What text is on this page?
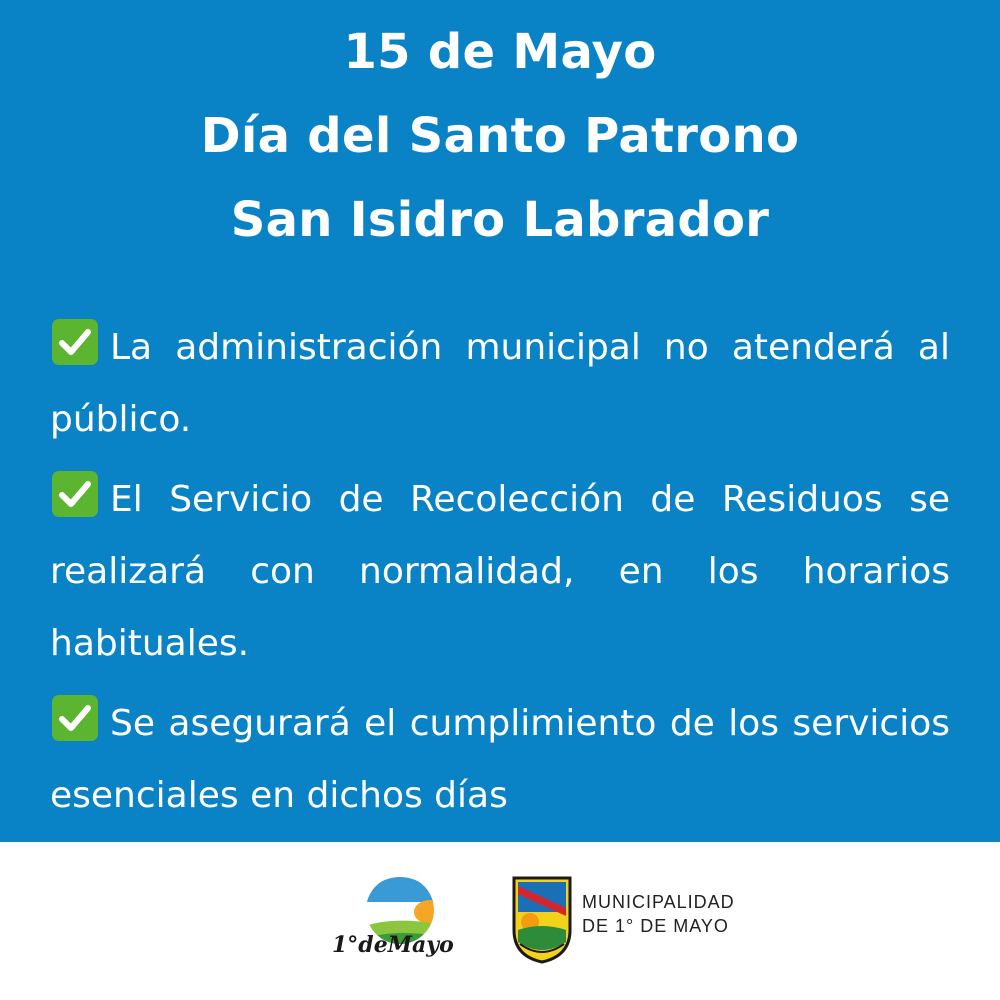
15 de Mayo
Día del Santo Patrono
San Isidro Labrador

La administración municipal no atenderá al público.

El Servicio de Recolección de Residuos se realizará con normalidad, en los horarios habituales.

Se asegurará el cumplimiento de los servicios esenciales en dichos días

1°deMayo
MUNICIPALIDAD
DE 1° DE MAYO
